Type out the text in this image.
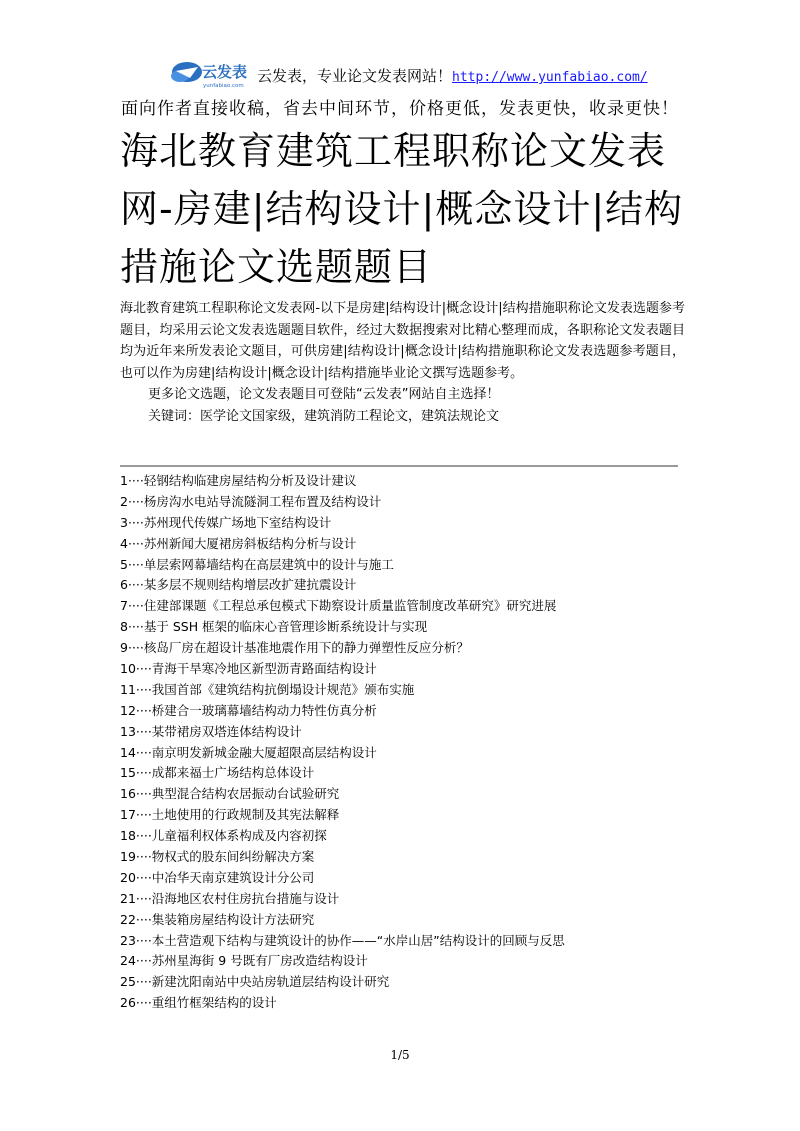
云发表
yunfabiao.com
云发表，专业论文发表网站！http://www.yunfabiao.com/
面向作者直接收稿，省去中间环节，价格更低，发表更快，收录更快！
海北教育建筑工程职称论文发表网-房建|结构设计|概念设计|结构措施论文选题题目

海北教育建筑工程职称论文发表网-以下是房建|结构设计|概念设计|结构措施职称论文发表选题参考题目，均采用云论文发表选题题目软件，经过大数据搜索对比精心整理而成，各职称论文发表题目均为近年来所发表论文题目，可供房建|结构设计|概念设计|结构措施职称论文发表选题参考题目，也可以作为房建|结构设计|概念设计|结构措施毕业论文撰写选题参考。

更多论文选题，论文发表题目可登陆“云发表”网站自主选择！

关键词：医学论文国家级，建筑消防工程论文，建筑法规论文

1····轻钢结构临建房屋结构分析及设计建议
2····杨房沟水电站导流隧洞工程布置及结构设计
3····苏州现代传媒广场地下室结构设计
4····苏州新闻大厦裙房斜板结构分析与设计
5····单层索网幕墙结构在高层建筑中的设计与施工
6····某多层不规则结构增层改扩建抗震设计
7····住建部课题《工程总承包模式下勘察设计质量监管制度改革研究》研究进展
8····基于 SSH 框架的临床心音管理诊断系统设计与实现
9····核岛厂房在超设计基准地震作用下的静力弹塑性反应分析？
10····青海干旱寒冷地区新型沥青路面结构设计
11····我国首部《建筑结构抗倒塌设计规范》颁布实施
12····桥建合一玻璃幕墙结构动力特性仿真分析
13····某带裙房双塔连体结构设计
14····南京明发新城金融大厦超限高层结构设计
15····成都来福士广场结构总体设计
16····典型混合结构农居振动台试验研究
17····土地使用的行政规制及其宪法解释
18····儿童福利权体系构成及内容初探
19····物权式的股东间纠纷解决方案
20····中冶华天南京建筑设计分公司
21····沿海地区农村住房抗台措施与设计
22····集装箱房屋结构设计方法研究
23····本土营造观下结构与建筑设计的协作——“水岸山居”结构设计的回顾与反思
24····苏州星海街 9 号既有厂房改造结构设计
25····新建沈阳南站中央站房轨道层结构设计研究
26····重组竹框架结构的设计
1/5
